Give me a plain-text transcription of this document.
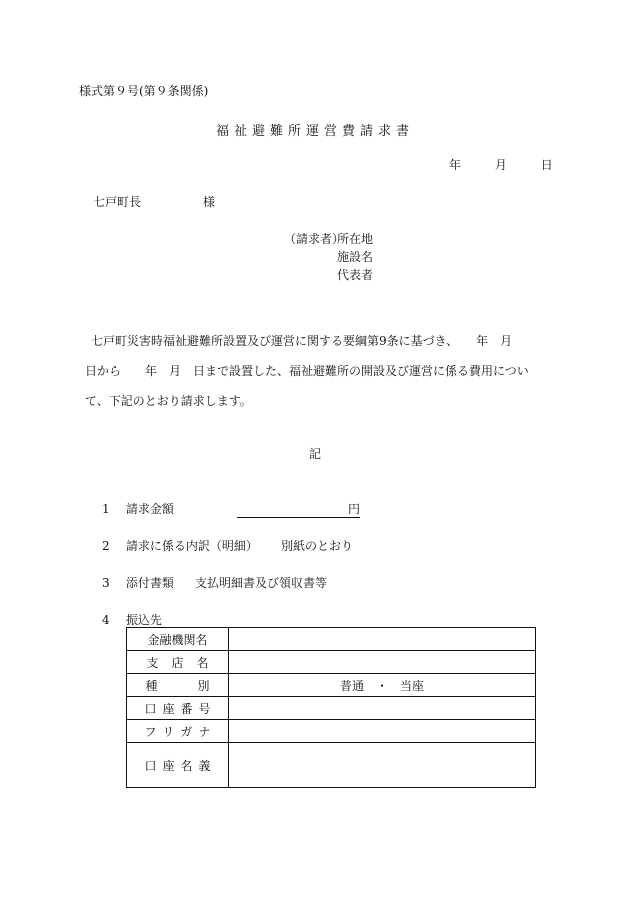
様式第９号(第９条関係)
福祉避難所運営費請求書
年	月	日
七戸町長	様
（請求者）
所在地
施設名
代表者
七戸町災害時福祉避難所設置及び運営に関する要綱第9条に基づき、　　年　月
日から　　年　月　日まで設置した、福祉避難所の開設及び運営に係る費用につい
て、下記のとおり請求します。
記
1 請求金額	円
2 請求に係る内訳（明細） 別紙のとおり
3 添付書類 支払明細書及び領収書等
4 振込先
金融機関名	
支店名	
種別	普通　・　当座
口座番号	
フリガナ	
口座名義	
